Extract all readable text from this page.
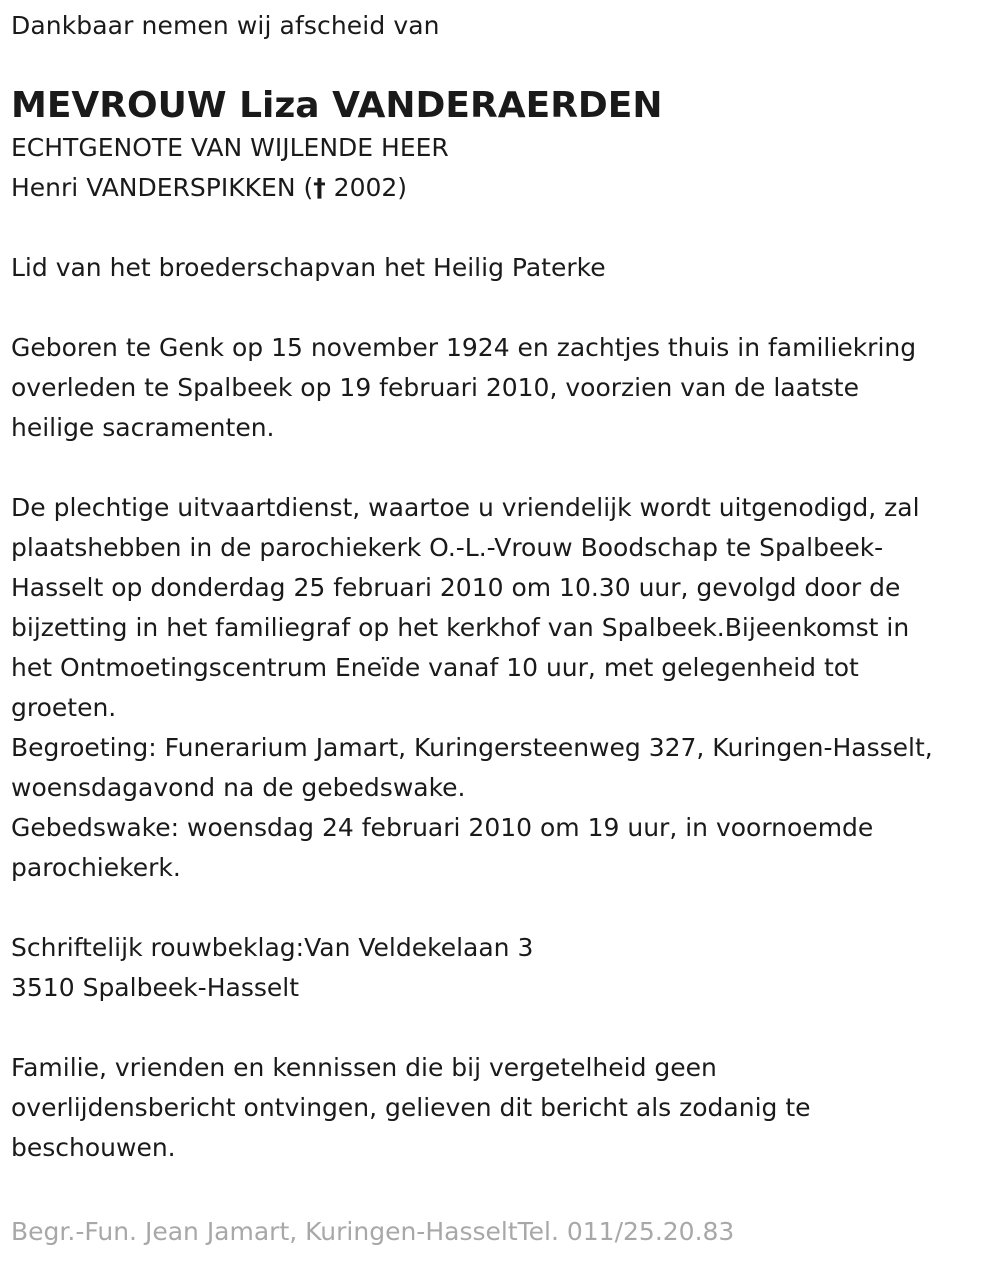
Dankbaar nemen wij afscheid van

MEVROUW Liza VANDERAERDEN

ECHTGENOTE VAN WIJLENDE HEER

Henri VANDERSPIKKEN († 2002)

Lid van het broederschapvan het Heilig Paterke

Geboren te Genk op 15 november 1924 en zachtjes thuis in familiekring

overleden te Spalbeek op 19 februari 2010, voorzien van de laatste

heilige sacramenten.

De plechtige uitvaartdienst, waartoe u vriendelijk wordt uitgenodigd, zal

plaatshebben in de parochiekerk O.-L.-Vrouw Boodschap te Spalbeek-

Hasselt op donderdag 25 februari 2010 om 10.30 uur, gevolgd door de

bijzetting in het familiegraf op het kerkhof van Spalbeek.Bijeenkomst in

het Ontmoetingscentrum Eneïde vanaf 10 uur, met gelegenheid tot

groeten.

Begroeting: Funerarium Jamart, Kuringersteenweg 327, Kuringen-Hasselt,

woensdagavond na de gebedswake.

Gebedswake: woensdag 24 februari 2010 om 19 uur, in voornoemde

parochiekerk.

Schriftelijk rouwbeklag:Van Veldekelaan 3

3510 Spalbeek-Hasselt

Familie, vrienden en kennissen die bij vergetelheid geen

overlijdensbericht ontvingen, gelieven dit bericht als zodanig te

beschouwen.

Begr.-Fun. Jean Jamart, Kuringen-HasseltTel. 011/25.20.83
